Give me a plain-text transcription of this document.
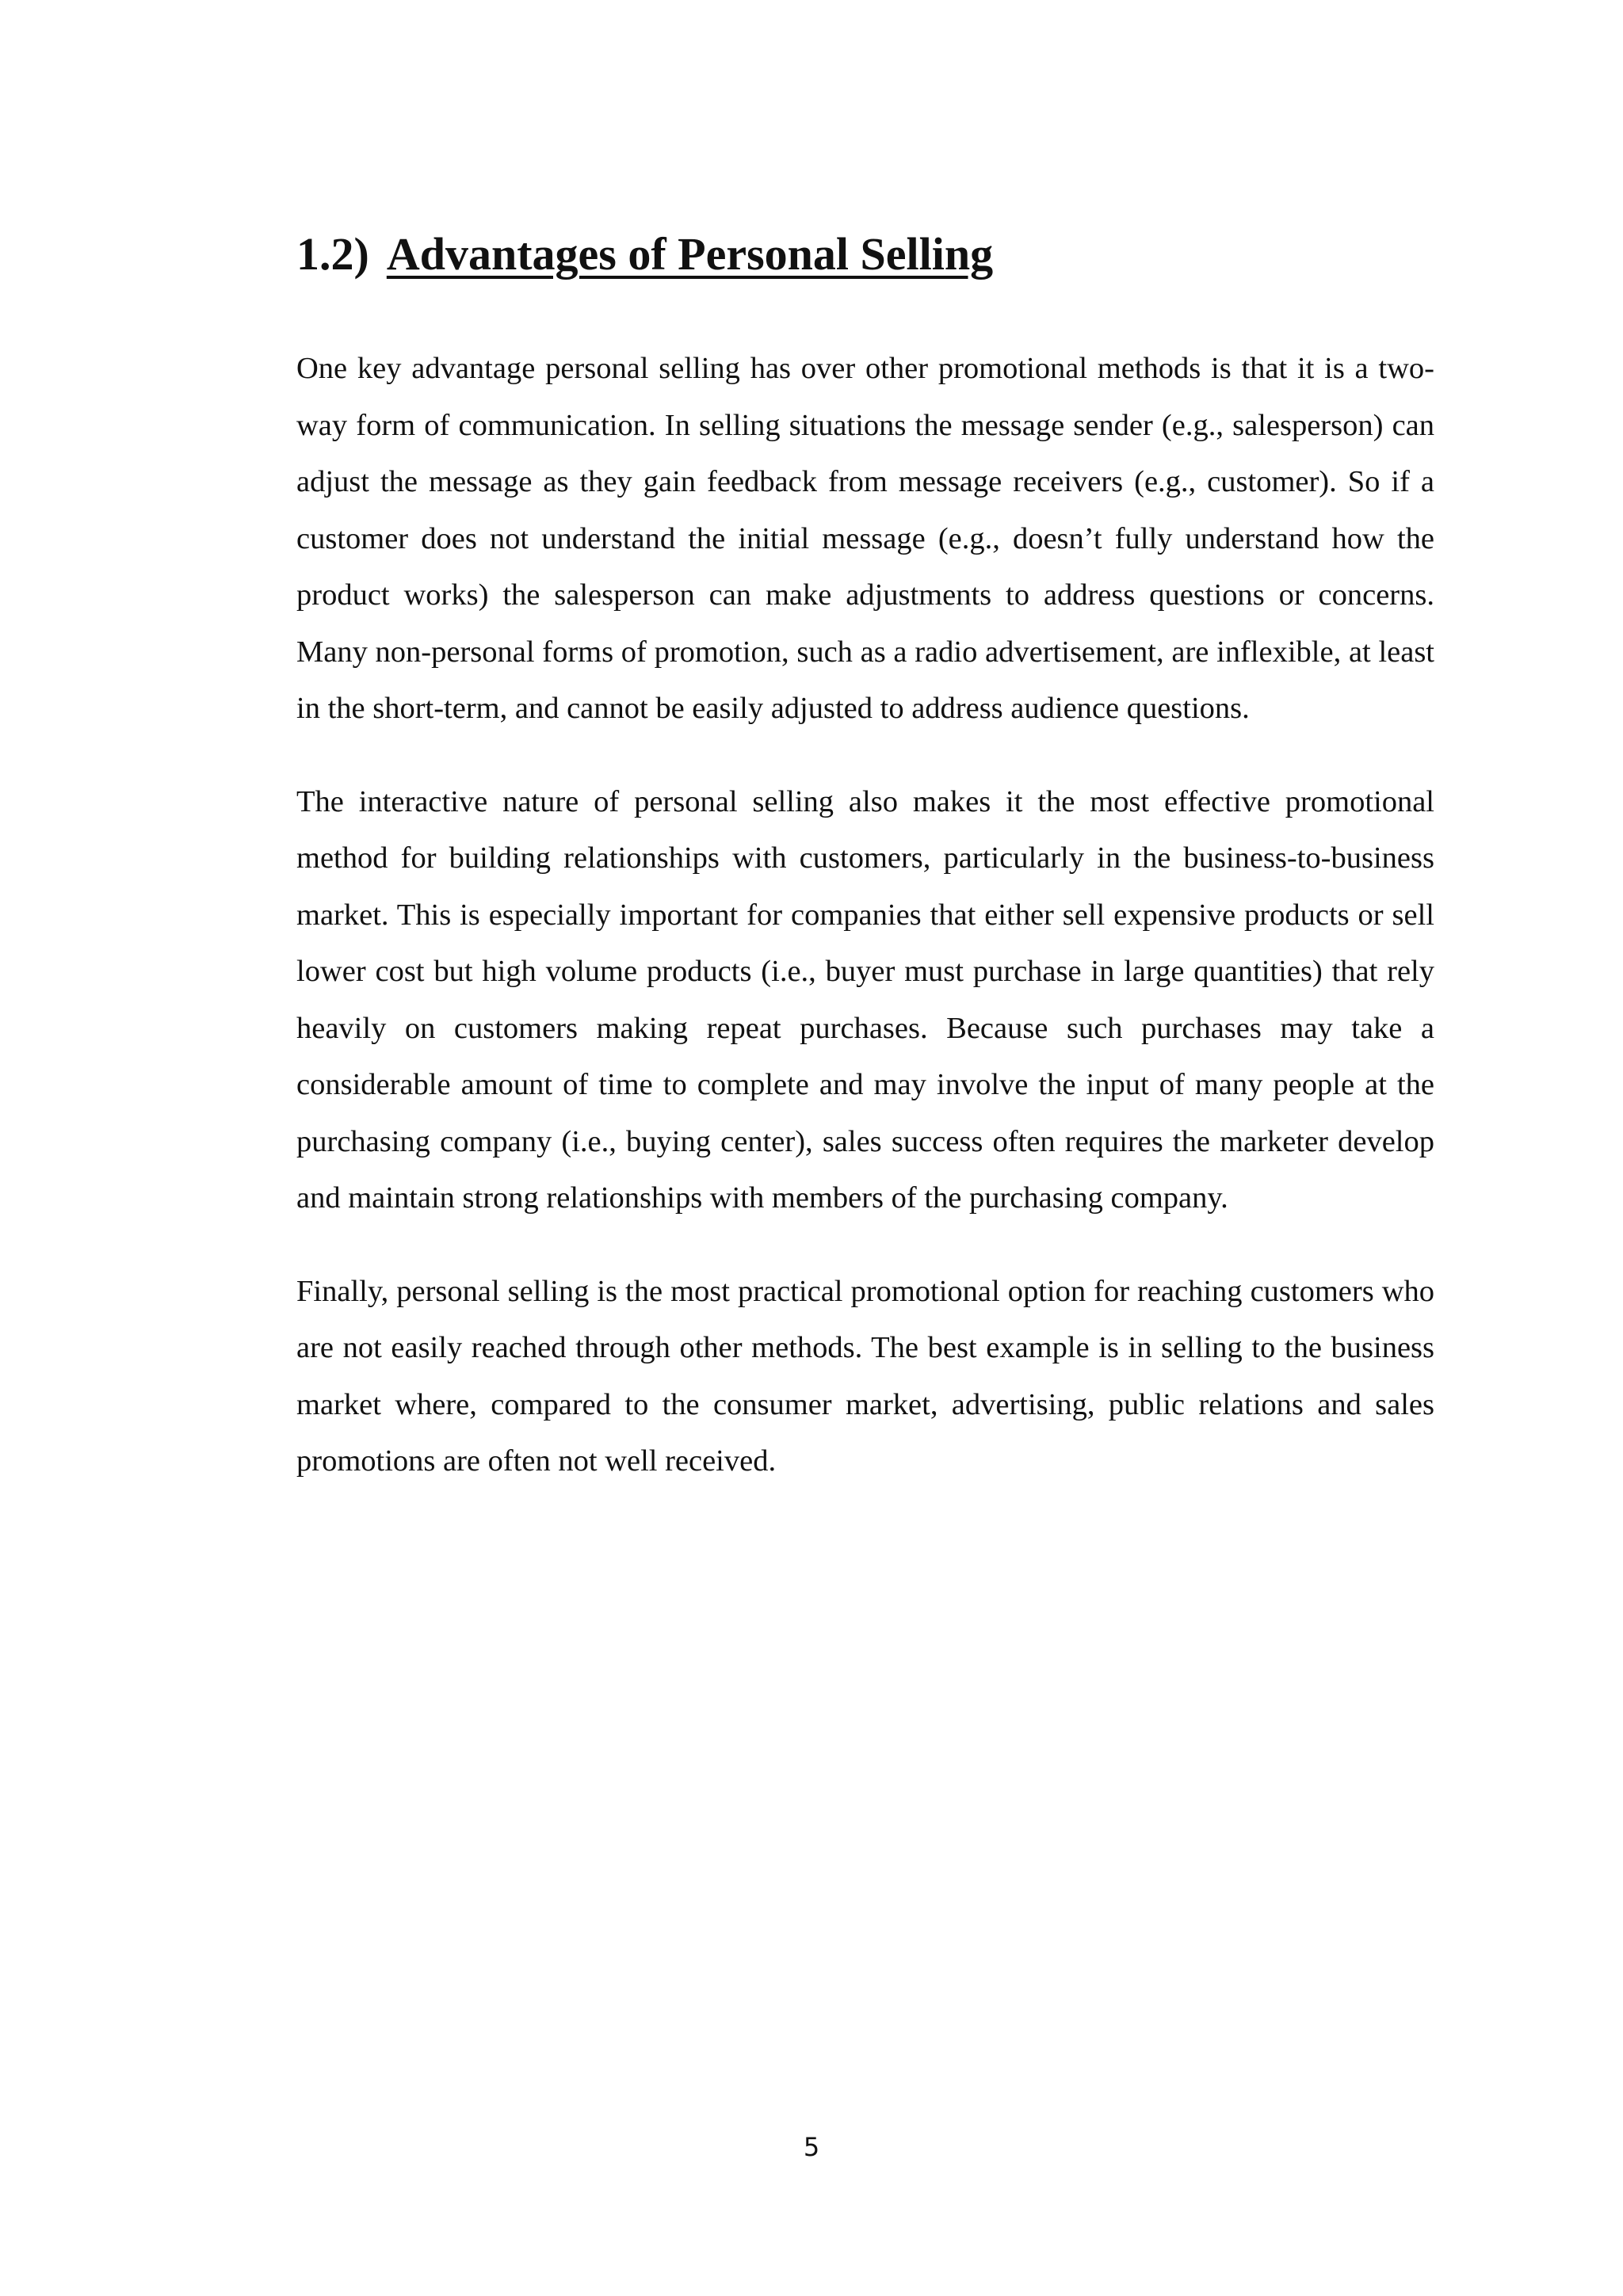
1.2) Advantages of Personal Selling

One key advantage personal selling has over other promotional methods is that it is a two-way form of communication. In selling situations the message sender (e.g., salesperson) can adjust the message as they gain feedback from message receivers (e.g., customer). So if a customer does not understand the initial message (e.g., doesn’t fully understand how the product works) the salesperson can make adjustments to address questions or concerns. Many non-personal forms of promotion, such as a radio advertisement, are inflexible, at least in the short-term, and cannot be easily adjusted to address audience questions.

The interactive nature of personal selling also makes it the most effective promotional method for building relationships with customers, particularly in the business-to-business market. This is especially important for companies that either sell expensive products or sell lower cost but high volume products (i.e., buyer must purchase in large quantities) that rely heavily on customers making repeat purchases. Because such purchases may take a considerable amount of time to complete and may involve the input of many people at the purchasing company (i.e., buying center), sales success often requires the marketer develop and maintain strong relationships with members of the purchasing company.

Finally, personal selling is the most practical promotional option for reaching customers who are not easily reached through other methods. The best example is in selling to the business market where, compared to the consumer market, advertising, public relations and sales promotions are often not well received.

5
